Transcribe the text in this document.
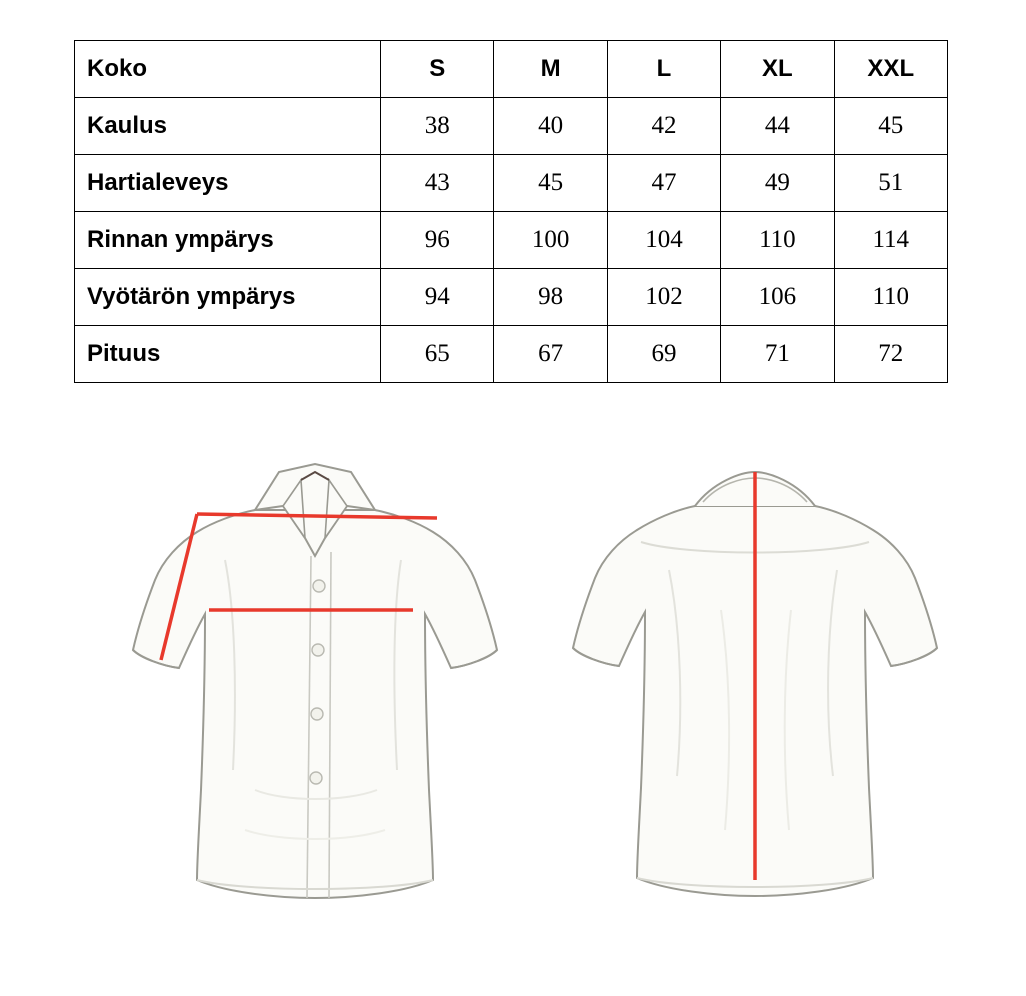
Koko	S	M	L	XL	XXL
Kaulus	38	40	42	44	45
Hartialeveys	43	45	47	49	51
Rinnan ympärys	96	100	104	110	114
Vyötärön ympärys	94	98	102	106	110
Pituus	65	67	69	71	72
